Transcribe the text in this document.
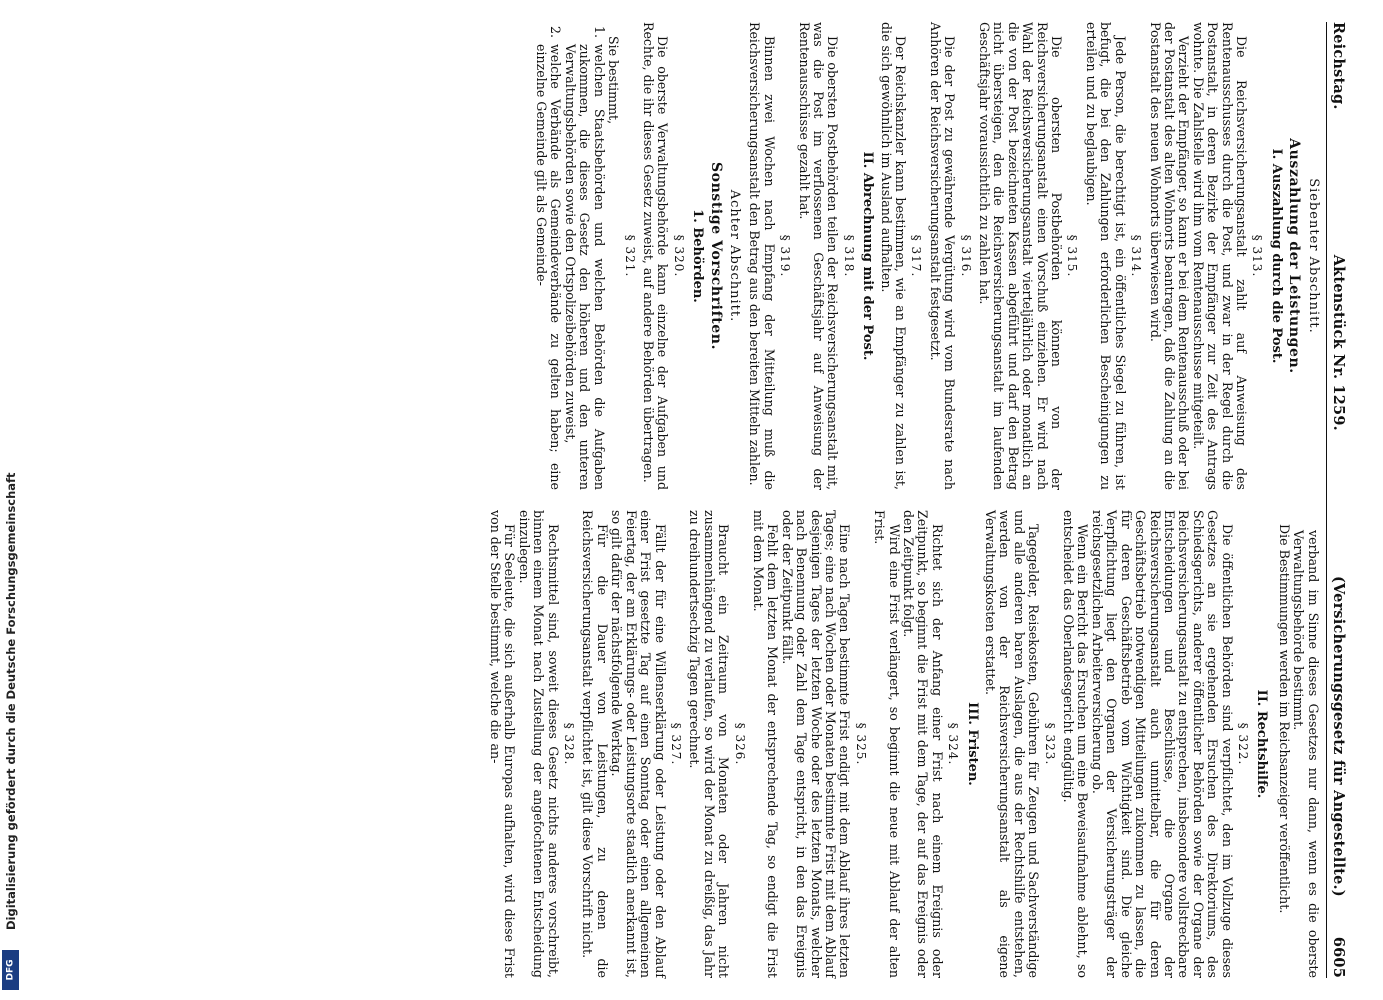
Digitalisierung gefördert durch die Deutsche Forschungsgemeinschaft
DFG
Reichstag.
Aktenstück Nr. 1259.
(Versicherungsgesetz für Angestellte.)
6605
Siebenter Abschnitt.
Auszahlung der Leistungen.
I. Auszahlung durch die Post.
§ 313.

Die Reichsversicherungsanstalt zahlt auf Anweisung des Rentenausschusses durch die Post, und zwar in der Regel durch die Postanstalt, in deren Bezirke der Empfänger zur Zeit des Antrags wohnte. Die Zahlstelle wird ihm vom Rentenausschusse mitgeteilt.

Verzieht der Empfänger, so kann er bei dem Rentenausschuß oder bei der Postanstalt des alten Wohnorts beantragen, daß die Zahlung an die Postanstalt des neuen Wohnorts überwiesen wird.

§ 314.

Jede Person, die berechtigt ist, ein öffentliches Siegel zu führen, ist befugt, die bei den Zahlungen erforderlichen Bescheinigungen zu erteilen und zu beglaubigen.

§ 315.

Die obersten Postbehörden können von der Reichsversicherungsanstalt einen Vorschuß einziehen. Er wird nach Wahl der Reichsversicherungsanstalt vierteljährlich oder monatlich an die von der Post bezeichneten Kassen abgeführt und darf den Betrag nicht übersteigen, den die Reichsversicherungsanstalt im laufenden Geschäftsjahr voraussichtlich zu zahlen hat.

§ 316.

Die der Post zu gewährende Vergütung wird vom Bundesrate nach Anhören der Reichsversicherungsanstalt festgesetzt.

§ 317.

Der Reichskanzler kann bestimmen, wie an Empfänger zu zahlen ist, die sich gewöhnlich im Ausland aufhalten.

II. Abrechnung mit der Post.
§ 318.

Die obersten Postbehörden teilen der Reichsversicherungsanstalt mit, was die Post im verflossenen Geschäftsjahr auf Anweisung der Rentenausschüsse gezahlt hat.

§ 319.

Binnen zwei Wochen nach Empfang der Mitteilung muß die Reichsversicherungsanstalt den Betrag aus den bereiten Mitteln zahlen.

Achter Abschnitt.
Sonstige Vorschriften.
1. Behörden.
§ 320.

Die oberste Verwaltungsbehörde kann einzelne der Aufgaben und Rechte, die ihr dieses Gesetz zuweist, auf andere Behörden übertragen.

§ 321.

Sie bestimmt,

1.
welchen Staatsbehörden und welchen Behörden die Aufgaben zukommen, die dieses Gesetz den höheren und den unteren Verwaltungsbehörden sowie den Ortspolizeibehörden zuweist,
2.
welche Verbände als Gemeindeverbände zu gelten haben; eine einzelne Gemeinde gilt als Gemeinde-

verband im Sinne dieses Gesetzes nur dann, wenn es die oberste Verwaltungsbehörde bestimmt.

Die Bestimmungen werden im Reichsanzeiger veröffentlicht.

II. Rechtshilfe.
§ 322.

Die öffentlichen Behörden sind verpflichtet, den im Vollzuge dieses Gesetzes an sie ergehenden Ersuchen des Direktoriums, des Schiedsgerichts, anderer öffentlicher Behörden sowie der Organe der Reichsversicherungsanstalt zu entsprechen, insbesondere vollstreckbare Entscheidungen und Beschlüsse, die Organe der Reichsversicherungsanstalt auch unmittelbar, die für deren Geschäftsbetrieb notwendigen Mitteilungen zukommen zu lassen, die für deren Geschäftsbetrieb vom Wichtigkeit sind. Die gleiche Verpflichtung liegt den Organen der Versicherungsträger der reichsgesetzlichen Arbeiterversicherung ob.

Wenn ein Bericht das Ersuchen um eine Beweisaufnahme ablehnt, so entscheidet das Oberlandesgericht endgültig.

§ 323.

Tagegelder, Reisekosten, Gebühren für Zeugen und Sachverständige und alle anderen baren Auslagen, die aus der Rechtshilfe entstehen, werden von der Reichsversicherungsanstalt als eigene Verwaltungskosten erstattet.

III. Fristen.
§ 324.

Richtet sich der Anfang einer Frist nach einem Ereignis oder Zeitpunkt, so beginnt die Frist mit dem Tage, der auf das Ereignis oder den Zeitpunkt folgt.

Wird eine Frist verlängert, so beginnt die neue mit Ablauf der alten Frist.

§ 325.

Eine nach Tagen bestimmte Frist endigt mit dem Ablauf ihres letzten Tages; eine nach Wochen oder Monaten bestimmte Frist mit dem Ablauf desjenigen Tages der letzten Woche oder des letzten Monats, welcher nach Benennung oder Zahl dem Tage entspricht, in den das Ereignis oder der Zeitpunkt fällt.

Fehlt dem letzten Monat der entsprechende Tag, so endigt die Frist mit dem Monat.

§ 326.

Braucht ein Zeitraum von Monaten oder Jahren nicht zusammenhängend zu verlaufen, so wird der Monat zu dreißig, das Jahr zu dreihundertsechzig Tagen gerechnet.

§ 327.

Fällt der für eine Willenserklärung oder Leistung oder den Ablauf einer Frist gesetzte Tag auf einen Sonntag oder einen allgemeinen Feiertag, der am Erklärungs- oder Leistungsorte staatlich anerkannt ist, so gilt dafür der nächstfolgende Werktag.

Für die Dauer von Leistungen, zu denen die Reichsversicherungsanstalt verpflichtet ist, gilt diese Vorschrift nicht.

§ 328.

Rechtsmittel sind, soweit dieses Gesetz nichts anderes vorschreibt, binnen einem Monat nach Zustellung der angefochtenen Entscheidung einzulegen.

Für Seeleute, die sich außerhalb Europas aufhalten, wird diese Frist von der Stelle bestimmt, welche die an-
